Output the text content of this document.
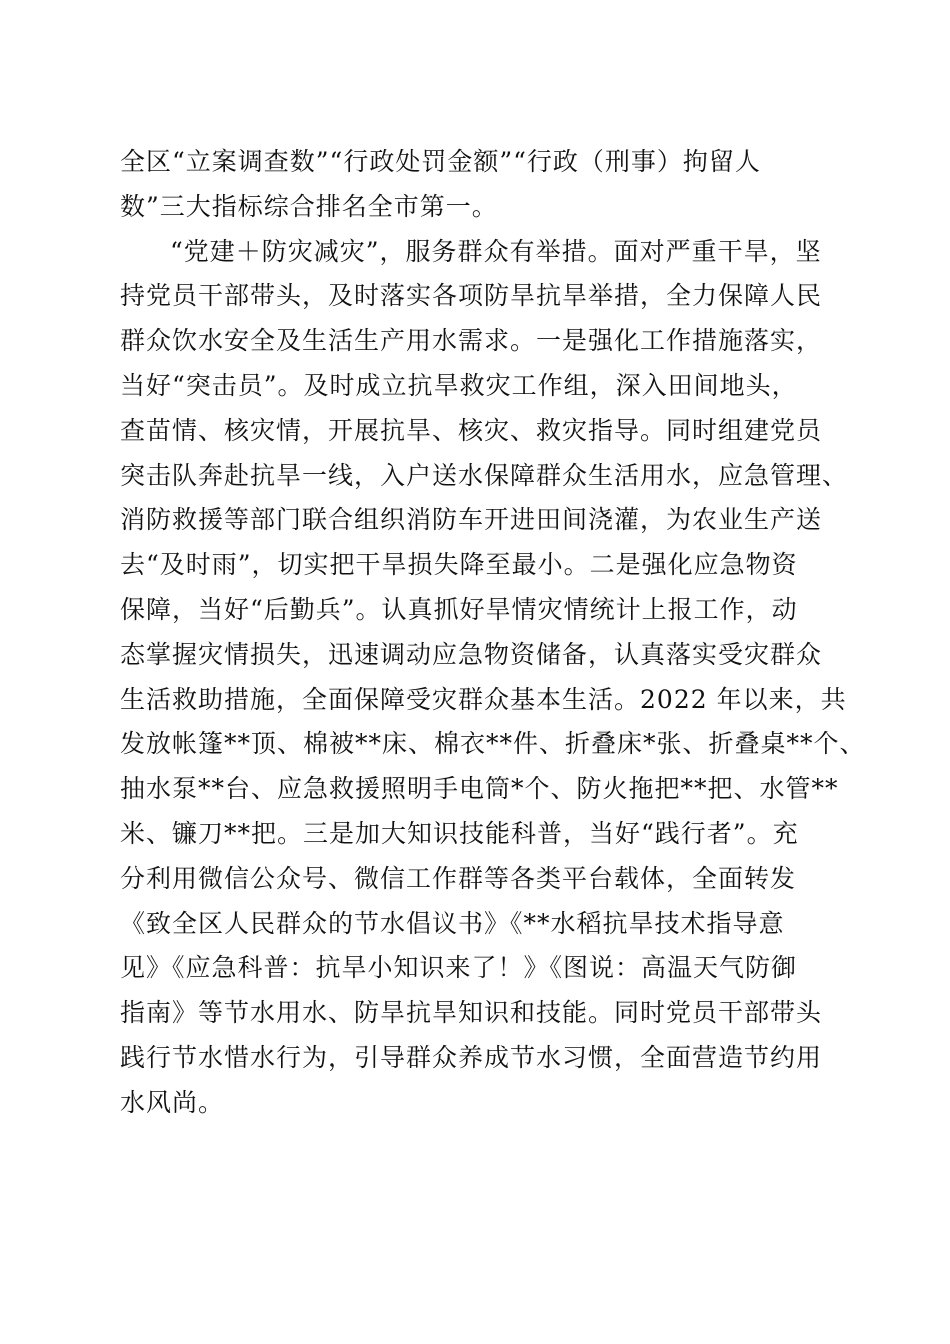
全区“立案调查数”“行政处罚金额”“行政（刑事）拘留人
数”三大指标综合排名全市第一。
“党建＋防灾减灾”，服务群众有举措。面对严重干旱，坚
持党员干部带头，及时落实各项防旱抗旱举措，全力保障人民
群众饮水安全及生活生产用水需求。一是强化工作措施落实，
当好“突击员”。及时成立抗旱救灾工作组，深入田间地头，
查苗情、核灾情，开展抗旱、核灾、救灾指导。同时组建党员
突击队奔赴抗旱一线，入户送水保障群众生活用水，应急管理、
消防救援等部门联合组织消防车开进田间浇灌，为农业生产送
去“及时雨”，切实把干旱损失降至最小。二是强化应急物资
保障，当好“后勤兵”。认真抓好旱情灾情统计上报工作，动
态掌握灾情损失，迅速调动应急物资储备，认真落实受灾群众
生活救助措施，全面保障受灾群众基本生活。2022 年以来，共
发放帐篷**顶、棉被**床、棉衣**件、折叠床*张、折叠桌**个、
抽水泵**台、应急救援照明手电筒*个、防火拖把**把、水管**
米、镰刀**把。三是加大知识技能科普，当好“践行者”。充
分利用微信公众号、微信工作群等各类平台载体，全面转发
《致全区人民群众的节水倡议书》《**水稻抗旱技术指导意
见》《应急科普：抗旱小知识来了！》《图说：高温天气防御
指南》等节水用水、防旱抗旱知识和技能。同时党员干部带头
践行节水惜水行为，引导群众养成节水习惯，全面营造节约用
水风尚。
